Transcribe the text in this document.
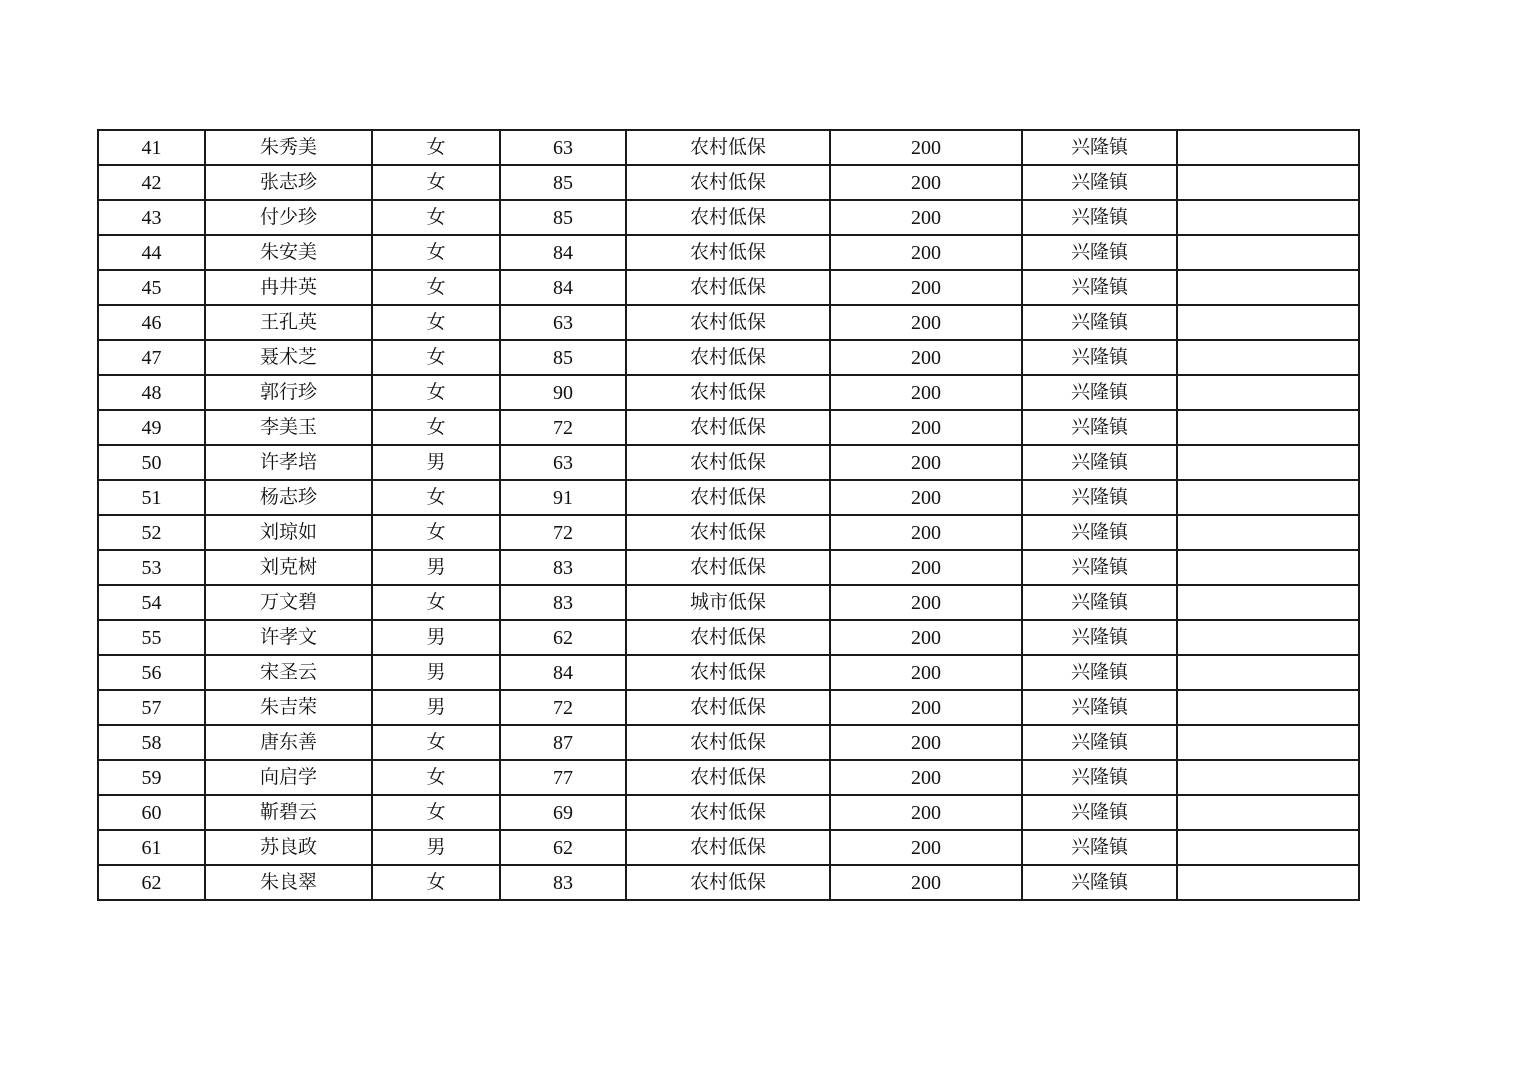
41	朱秀美	女	63	农村低保	200	兴隆镇	
42	张志珍	女	85	农村低保	200	兴隆镇	
43	付少珍	女	85	农村低保	200	兴隆镇	
44	朱安美	女	84	农村低保	200	兴隆镇	
45	冉井英	女	84	农村低保	200	兴隆镇	
46	王孔英	女	63	农村低保	200	兴隆镇	
47	聂术芝	女	85	农村低保	200	兴隆镇	
48	郭行珍	女	90	农村低保	200	兴隆镇	
49	李美玉	女	72	农村低保	200	兴隆镇	
50	许孝培	男	63	农村低保	200	兴隆镇	
51	杨志珍	女	91	农村低保	200	兴隆镇	
52	刘琼如	女	72	农村低保	200	兴隆镇	
53	刘克树	男	83	农村低保	200	兴隆镇	
54	万文碧	女	83	城市低保	200	兴隆镇	
55	许孝文	男	62	农村低保	200	兴隆镇	
56	宋圣云	男	84	农村低保	200	兴隆镇	
57	朱吉荣	男	72	农村低保	200	兴隆镇	
58	唐东善	女	87	农村低保	200	兴隆镇	
59	向启学	女	77	农村低保	200	兴隆镇	
60	靳碧云	女	69	农村低保	200	兴隆镇	
61	苏良政	男	62	农村低保	200	兴隆镇	
62	朱良翠	女	83	农村低保	200	兴隆镇	
